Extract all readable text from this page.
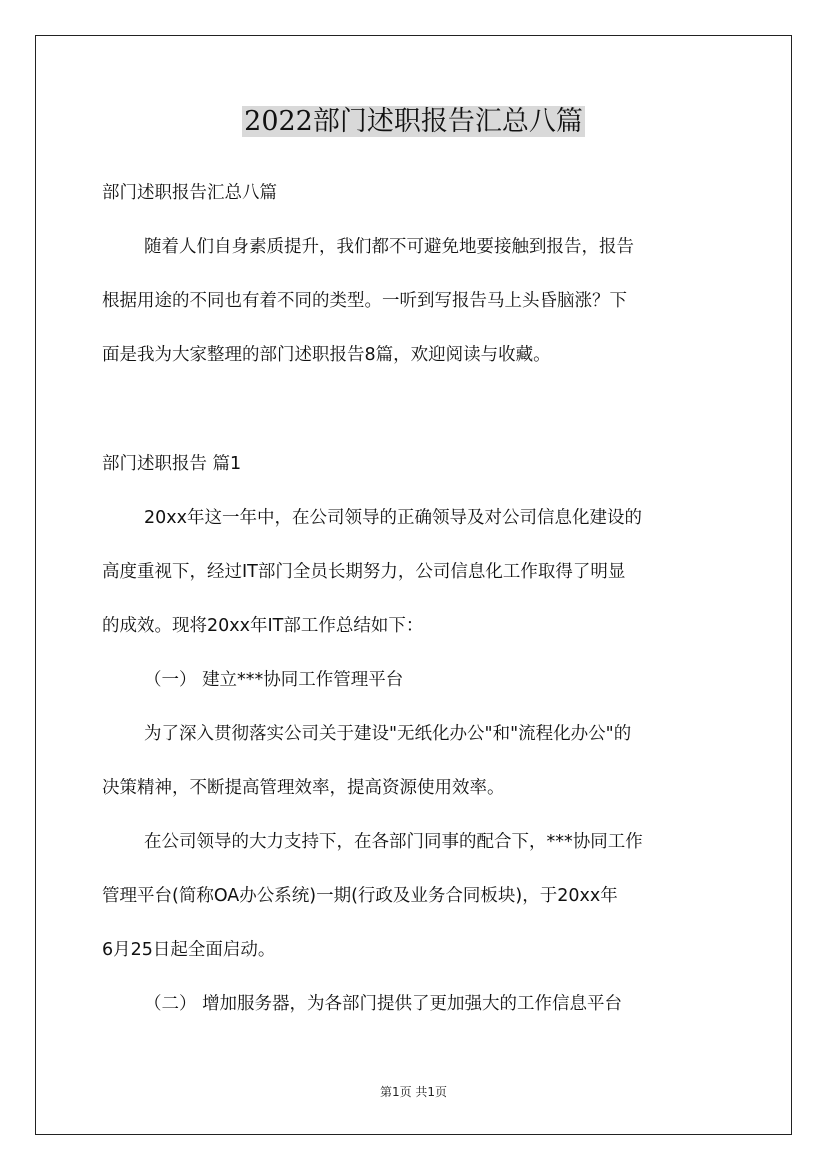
2022部门述职报告汇总八篇

部门述职报告汇总八篇

随着人们自身素质提升，我们都不可避免地要接触到报告，报告

根据用途的不同也有着不同的类型。一听到写报告马上头昏脑涨？下

面是我为大家整理的部门述职报告8篇，欢迎阅读与收藏。

部门述职报告 篇1

20xx年这一年中，在公司领导的正确领导及对公司信息化建设的

高度重视下，经过IT部门全员长期努力，公司信息化工作取得了明显

的成效。现将20xx年IT部工作总结如下：

（一） 建立***协同工作管理平台

为了深入贯彻落实公司关于建设"无纸化办公"和"流程化办公"的

决策精神，不断提高管理效率，提高资源使用效率。

在公司领导的大力支持下，在各部门同事的配合下，***协同工作

管理平台(简称OA办公系统)一期(行政及业务合同板块)，于20xx年

6月25日起全面启动。

（二） 增加服务器，为各部门提供了更加强大的工作信息平台

第1页 共1页
